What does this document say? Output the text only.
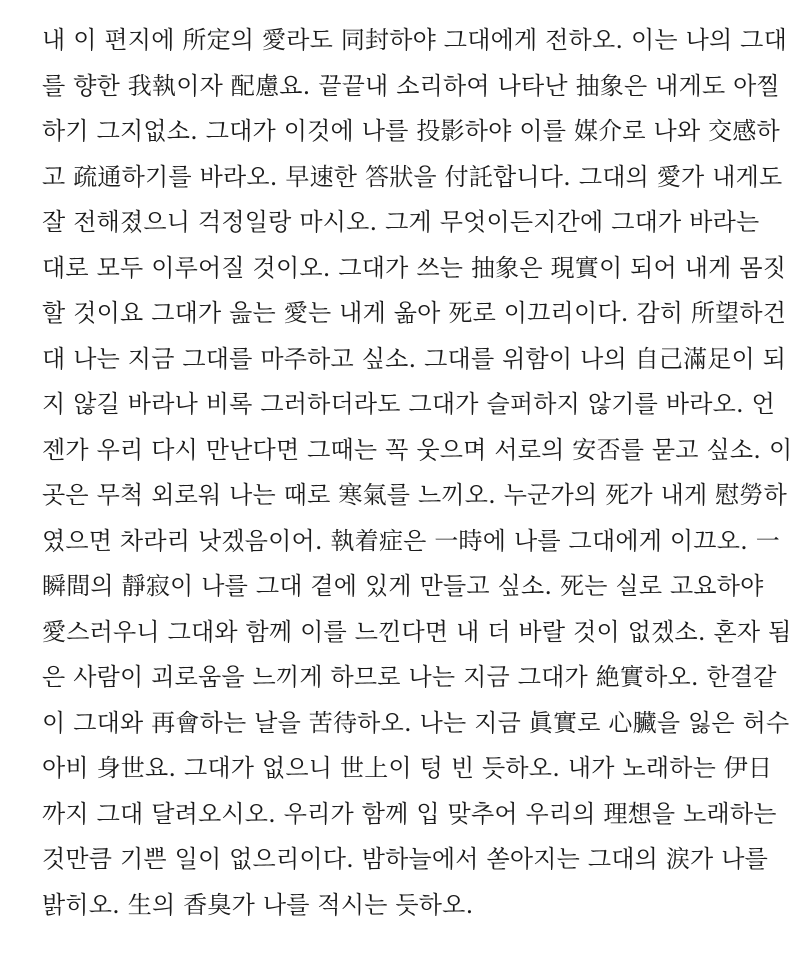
내 이 편지에 所定의 愛라도 同封하야 그대에게 전하오. 이는 나의 그대
를 향한 我執이자 配慮요. 끝끝내 소리하여 나타난 抽象은 내게도 아찔
하기 그지없소. 그대가 이것에 나를 投影하야 이를 媒介로 나와 交感하
고 疏通하기를 바라오. 早速한 答狀을 付託합니다. 그대의 愛가 내게도
잘 전해졌으니 걱정일랑 마시오. 그게 무엇이든지간에 그대가 바라는
대로 모두 이루어질 것이오. 그대가 쓰는 抽象은 現實이 되어 내게 몸짓
할 것이요 그대가 읊는 愛는 내게 옮아 死로 이끄리이다. 감히 所望하건
대 나는 지금 그대를 마주하고 싶소. 그대를 위함이 나의 自己滿足이 되
지 않길 바라나 비록 그러하더라도 그대가 슬퍼하지 않기를 바라오. 언
젠가 우리 다시 만난다면 그때는 꼭 웃으며 서로의 安否를 묻고 싶소. 이
곳은 무척 외로워 나는 때로 寒氣를 느끼오. 누군가의 死가 내게 慰勞하
였으면 차라리 낫겠음이어. 執着症은 一時에 나를 그대에게 이끄오. 一
瞬間의 靜寂이 나를 그대 곁에 있게 만들고 싶소. 死는 실로 고요하야
愛스러우니 그대와 함께 이를 느낀다면 내 더 바랄 것이 없겠소. 혼자 됨
은 사람이 괴로움을 느끼게 하므로 나는 지금 그대가 絶實하오. 한결같
이 그대와 再會하는 날을 苦待하오. 나는 지금 眞實로 心臟을 잃은 허수
아비 身世요. 그대가 없으니 世上이 텅 빈 듯하오. 내가 노래하는 伊日
까지 그대 달려오시오. 우리가 함께 입 맞추어 우리의 理想을 노래하는
것만큼 기쁜 일이 없으리이다. 밤하늘에서 쏟아지는 그대의 涙가 나를
밝히오. 生의 香臭가 나를 적시는 듯하오.
